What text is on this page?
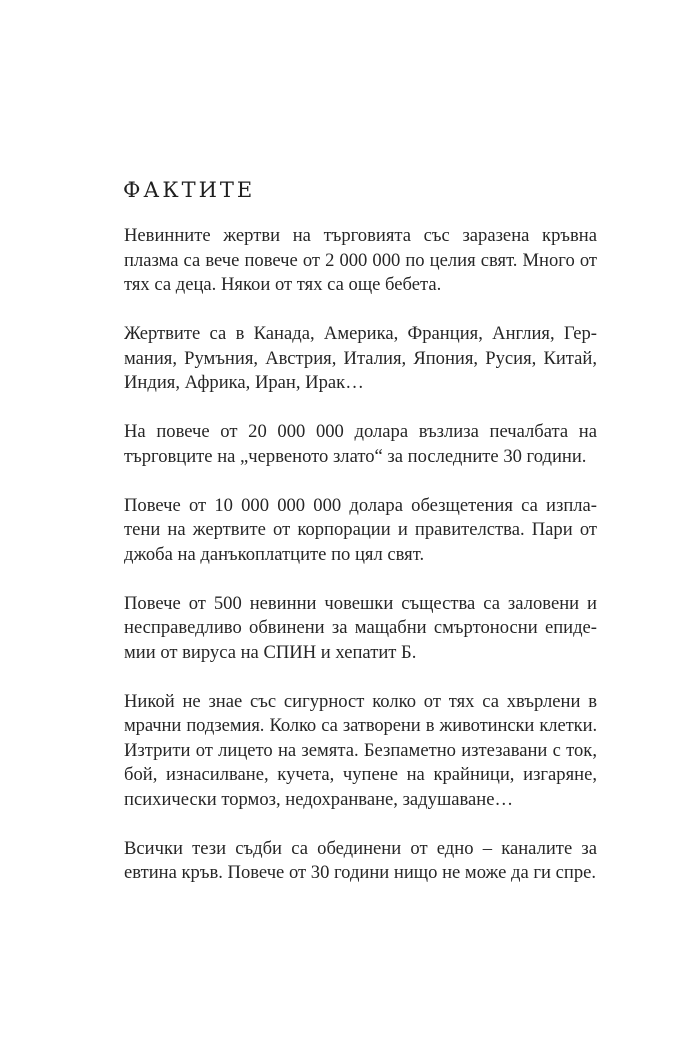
ФАКТИТЕ
Невинните жертви на търговията със заразена кръвна
плазма са вече повече от 2 000 000 по целия свят. Много от
тях са деца. Някои от тях са още бебета.
Жертвите са в Канада, Америка, Франция, Англия, Гер-
мания, Румъния, Австрия, Италия, Япония, Русия, Китай,
Индия, Африка, Иран, Ирак…
На повече от 20 000 000 долара възлиза печалбата на
търговците на „червеното злато“ за последните 30 години.
Повече от 10 000 000 000 долара обезщетения са изпла-
тени на жертвите от корпорации и правителства. Пари от
джоба на данъкоплатците по цял свят.
Повече от 500 невинни човешки същества са заловени и
несправедливо обвинени за мащабни смъртоносни епиде-
мии от вируса на СПИН и хепатит Б.
Никой не знае със сигурност колко от тях са хвърлени в
мрачни подземия. Колко са затворени в животински клетки.
Изтрити от лицето на земята. Безпаметно изтезавани с ток,
бой, изнасилване, кучета, чупене на крайници, изгаряне,
психически тормоз, недохранване, задушаване…
Всички тези съдби са обединени от едно – каналите за
евтина кръв. Повече от 30 години нищо не може да ги спре.
